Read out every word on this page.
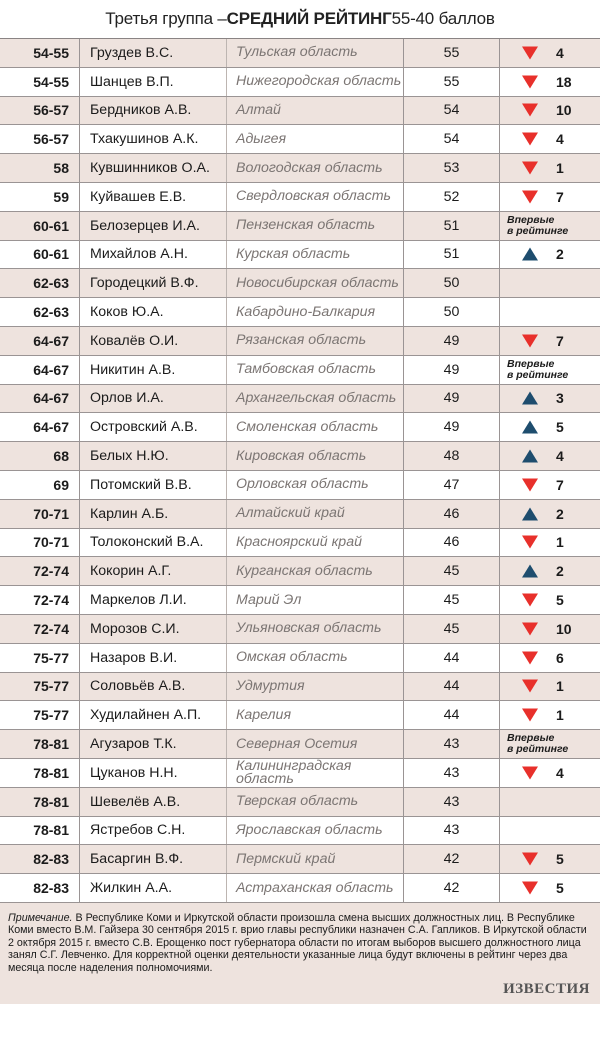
Третья группа – СРЕДНИЙ РЕЙТИНГ 55-40 баллов
54-55	Груздев В.С.	Тульская область	55	4
54-55	Шанцев В.П.	Нижегородская область	55	18
56-57	Бердников А.В.	Алтай	54	10
56-57	Тхакушинов А.К.	Адыгея	54	4
58	Кувшинников О.А.	Вологодская область	53	1
59	Куйвашев Е.В.	Свердловская область	52	7
60-61	Белозерцев И.А.	Пензенская область	51	Впервые
в рейтинге
60-61	Михайлов А.Н.	Курская область	51	2
62-63	Городецкий В.Ф.	Новосибирская область	50
62-63	Коков Ю.А.	Кабардино-Балкария	50
64-67	Ковалёв О.И.	Рязанская область	49	7
64-67	Никитин А.В.	Тамбовская область	49	Впервые
в рейтинге
64-67	Орлов И.А.	Архангельская область	49	3
64-67	Островский А.В.	Смоленская область	49	5
68	Белых Н.Ю.	Кировская область	48	4
69	Потомский В.В.	Орловская область	47	7
70-71	Карлин А.Б.	Алтайский край	46	2
70-71	Толоконский В.А.	Красноярский край	46	1
72-74	Кокорин А.Г.	Курганская область	45	2
72-74	Маркелов Л.И.	Марий Эл	45	5
72-74	Морозов С.И.	Ульяновская область	45	10
75-77	Назаров В.И.	Омская область	44	6
75-77	Соловьёв А.В.	Удмуртия	44	1
75-77	Худилайнен А.П.	Карелия	44	1
78-81	Агузаров Т.К.	Северная Осетия	43	Впервые
в рейтинге
78-81	Цуканов Н.Н.	Калининградская область	43	4
78-81	Шевелёв А.В.	Тверская область	43
78-81	Ястребов С.Н.	Ярославская область	43
82-83	Басаргин В.Ф.	Пермский край	42	5
82-83	Жилкин А.А.	Астраханская область	42	5
Примечание. В Республике Коми и Иркутской области произошла смена высших должностных лиц. В Республике Коми вместо В.М. Гайзера 30 сентября 2015 г. врио главы республики назначен С.А. Гапликов. В Иркутской области 2 октября 2015 г. вместо С.В. Ерощенко пост губернатора области по итогам выборов высшего должностного лица занял С.Г. Левченко. Для корректной оценки деятельности указанные лица будут включены в рейтинг через два месяца после наделения полномочиями.
ИЗВЕСТИЯ
